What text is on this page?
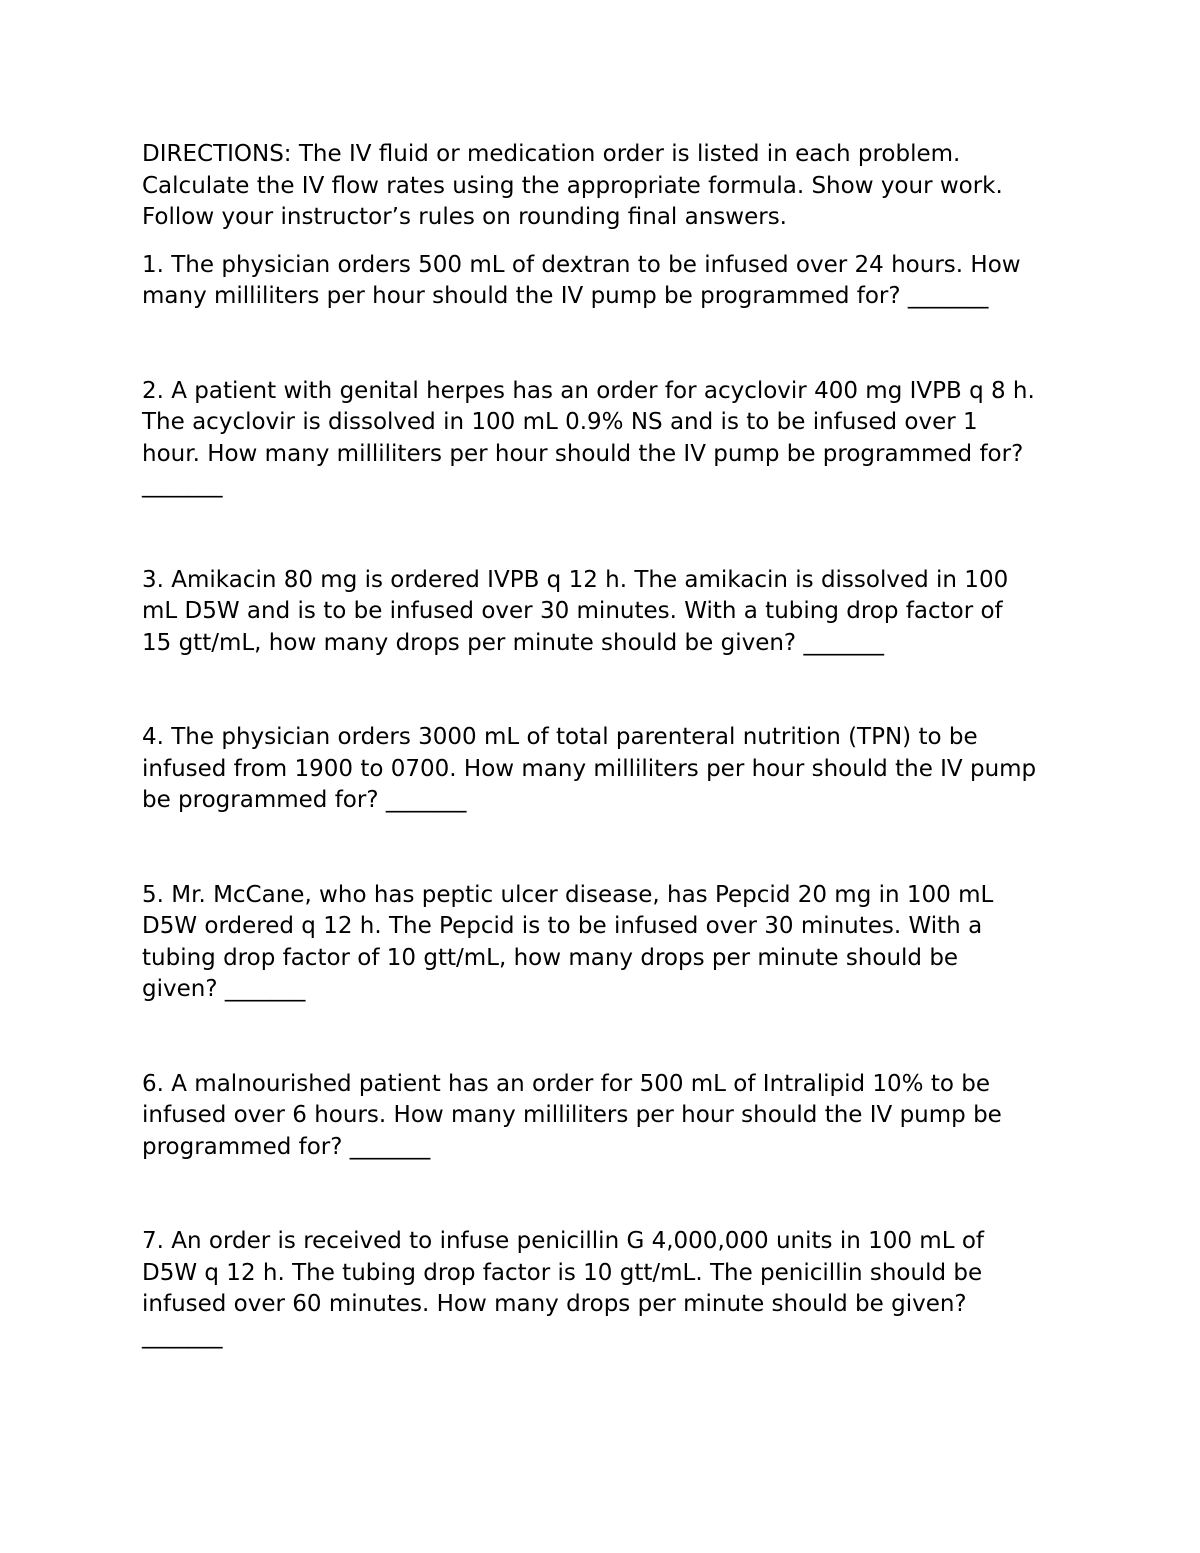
DIRECTIONS: The IV fluid or medication order is listed in each problem.
Calculate the IV flow rates using the appropriate formula. Show your work.
Follow your instructor’s rules on rounding final answers.
1. The physician orders 500 mL of dextran to be infused over 24 hours. How
many milliliters per hour should the IV pump be programmed for? _______
2. A patient with genital herpes has an order for acyclovir 400 mg IVPB q 8 h.
The acyclovir is dissolved in 100 mL 0.9% NS and is to be infused over 1
hour. How many milliliters per hour should the IV pump be programmed for?
_______
3. Amikacin 80 mg is ordered IVPB q 12 h. The amikacin is dissolved in 100
mL D5W and is to be infused over 30 minutes. With a tubing drop factor of
15 gtt/mL, how many drops per minute should be given? _______
4. The physician orders 3000 mL of total parenteral nutrition (TPN) to be
infused from 1900 to 0700. How many milliliters per hour should the IV pump
be programmed for? _______
5. Mr. McCane, who has peptic ulcer disease, has Pepcid 20 mg in 100 mL
D5W ordered q 12 h. The Pepcid is to be infused over 30 minutes. With a
tubing drop factor of 10 gtt/mL, how many drops per minute should be
given? _______
6. A malnourished patient has an order for 500 mL of Intralipid 10% to be
infused over 6 hours. How many milliliters per hour should the IV pump be
programmed for? _______
7. An order is received to infuse penicillin G 4,000,000 units in 100 mL of
D5W q 12 h. The tubing drop factor is 10 gtt/mL. The penicillin should be
infused over 60 minutes. How many drops per minute should be given?
_______
